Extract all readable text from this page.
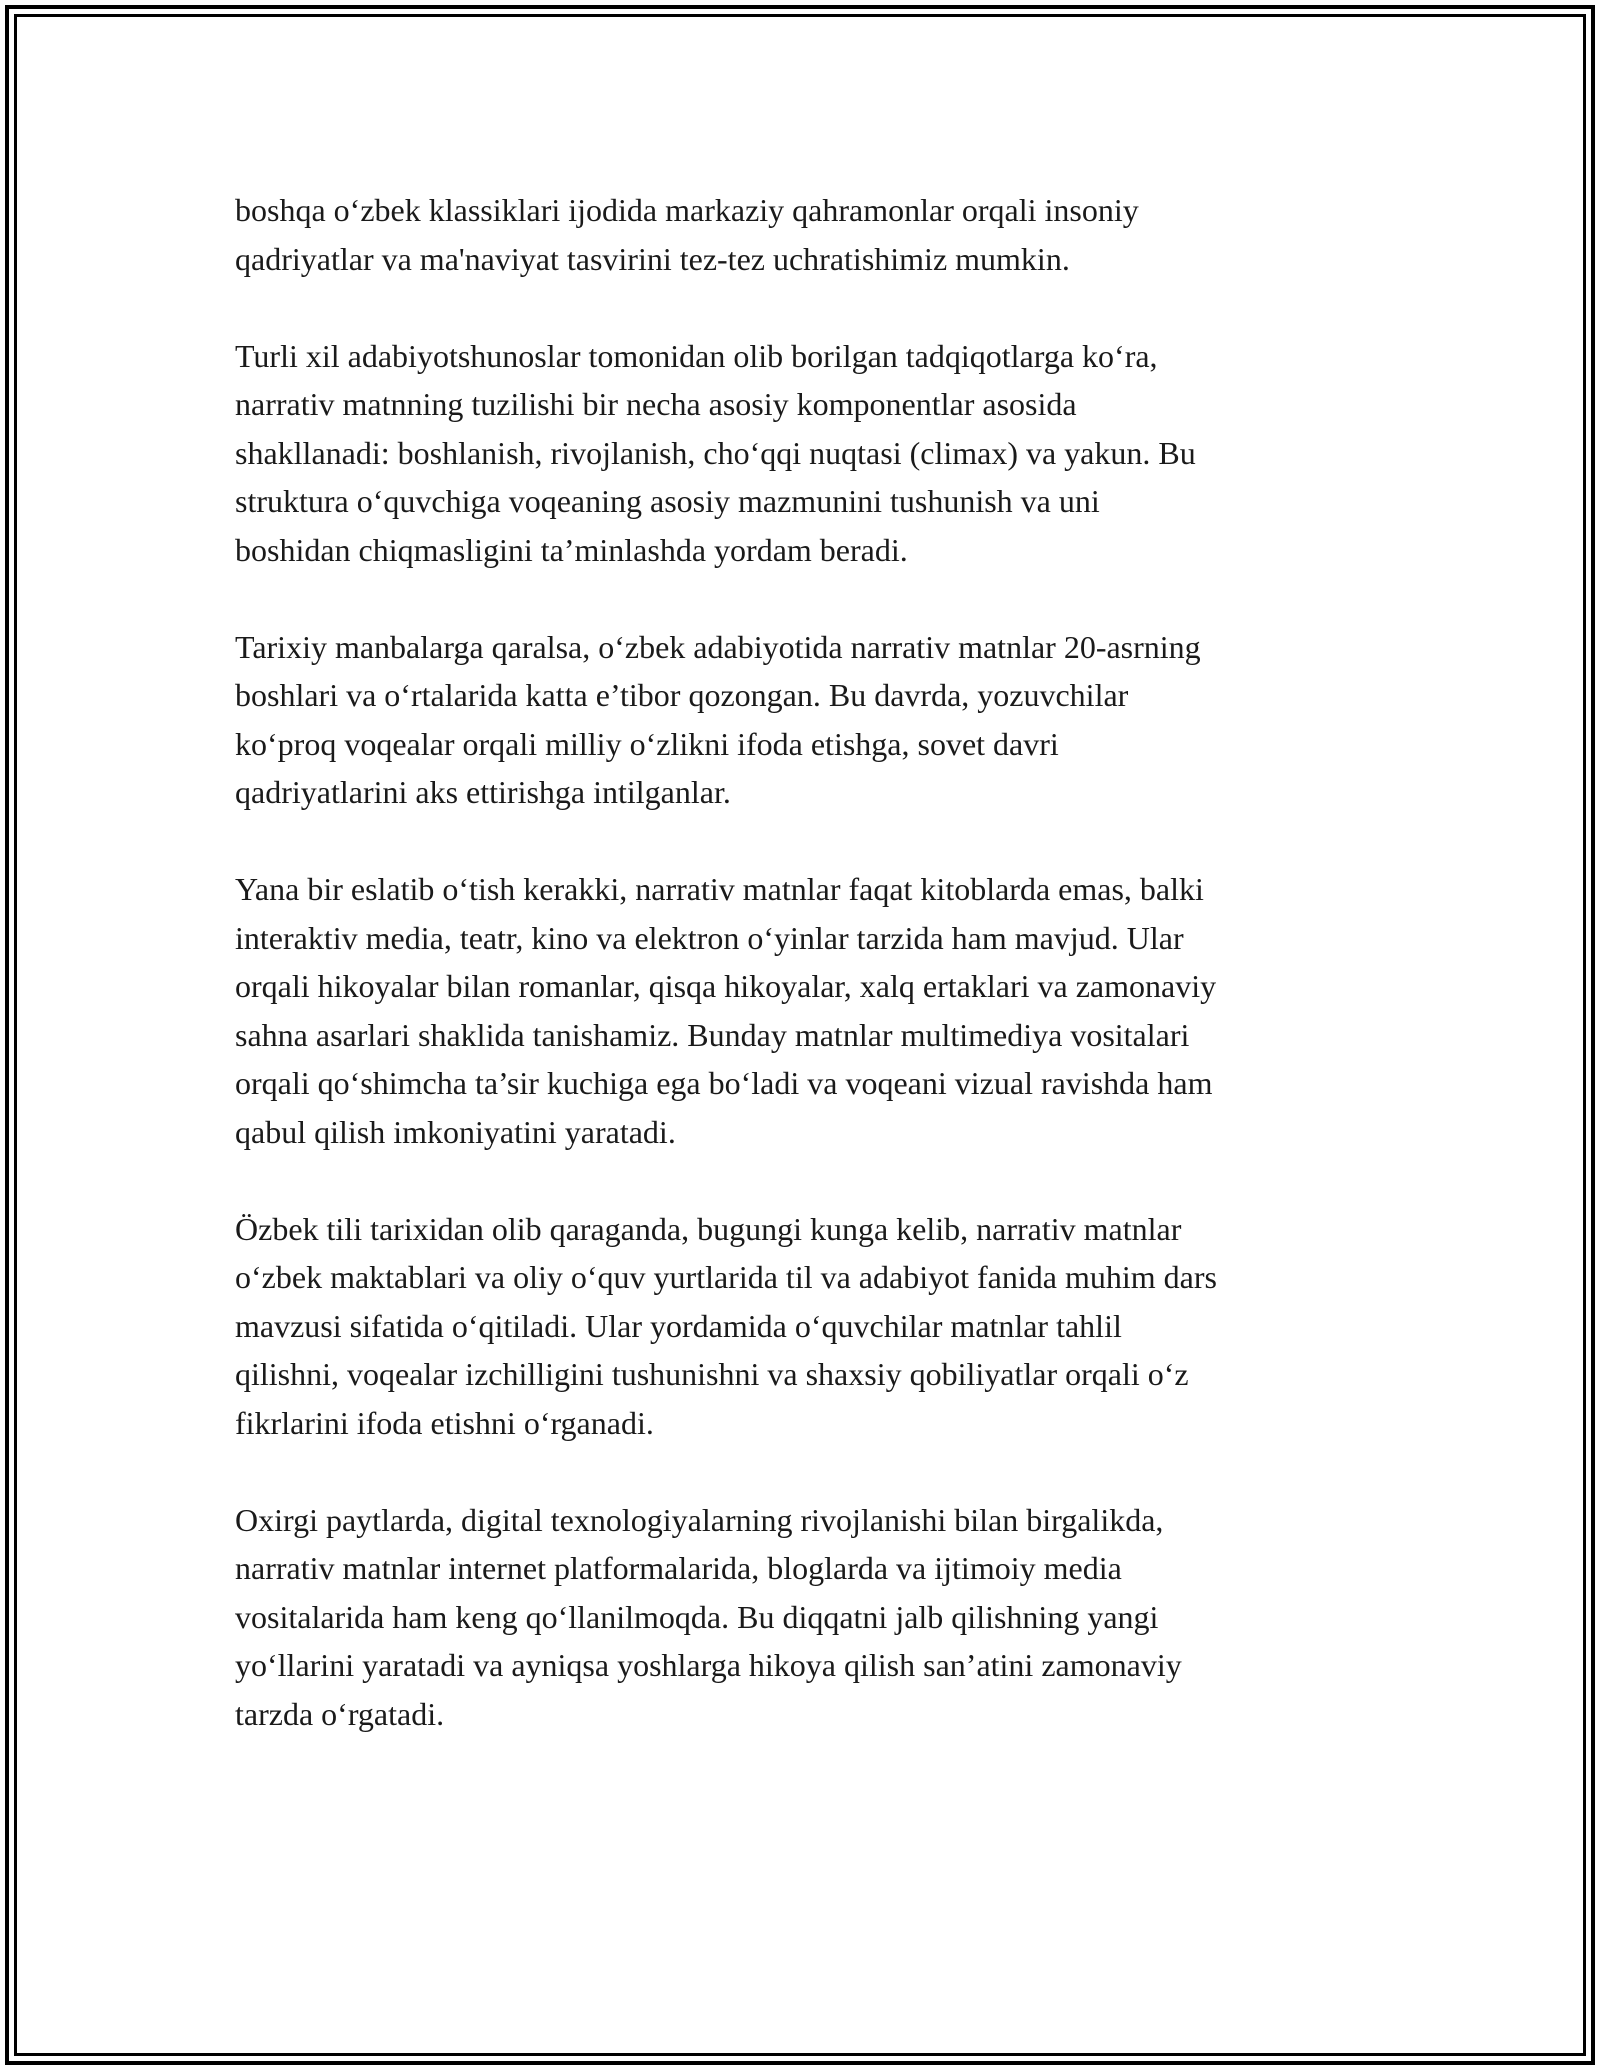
boshqa o‘zbek klassiklari ijodida markaziy qahramonlar orqali insoniy
qadriyatlar va ma'naviyat tasvirini tez-tez uchratishimiz mumkin.

Turli xil adabiyotshunoslar tomonidan olib borilgan tadqiqotlarga ko‘ra,
narrativ matnning tuzilishi bir necha asosiy komponentlar asosida
shakllanadi: boshlanish, rivojlanish, cho‘qqi nuqtasi (climax) va yakun. Bu
struktura o‘quvchiga voqeaning asosiy mazmunini tushunish va uni
boshidan chiqmasligini ta’minlashda yordam beradi.

Tarixiy manbalarga qaralsa, o‘zbek adabiyotida narrativ matnlar 20-asrning
boshlari va o‘rtalarida katta e’tibor qozongan. Bu davrda, yozuvchilar
ko‘proq voqealar orqali milliy o‘zlikni ifoda etishga, sovet davri
qadriyatlarini aks ettirishga intilganlar.

Yana bir eslatib o‘tish kerakki, narrativ matnlar faqat kitoblarda emas, balki
interaktiv media, teatr, kino va elektron o‘yinlar tarzida ham mavjud. Ular
orqali hikoyalar bilan romanlar, qisqa hikoyalar, xalq ertaklari va zamonaviy
sahna asarlari shaklida tanishamiz. Bunday matnlar multimediya vositalari
orqali qo‘shimcha ta’sir kuchiga ega bo‘ladi va voqeani vizual ravishda ham
qabul qilish imkoniyatini yaratadi.

Özbek tili tarixidan olib qaraganda, bugungi kunga kelib, narrativ matnlar
o‘zbek maktablari va oliy o‘quv yurtlarida til va adabiyot fanida muhim dars
mavzusi sifatida o‘qitiladi. Ular yordamida o‘quvchilar matnlar tahlil
qilishni, voqealar izchilligini tushunishni va shaxsiy qobiliyatlar orqali o‘z
fikrlarini ifoda etishni o‘rganadi.

Oxirgi paytlarda, digital texnologiyalarning rivojlanishi bilan birgalikda,
narrativ matnlar internet platformalarida, bloglarda va ijtimoiy media
vositalarida ham keng qo‘llanilmoqda. Bu diqqatni jalb qilishning yangi
yo‘llarini yaratadi va ayniqsa yoshlarga hikoya qilish san’atini zamonaviy
tarzda o‘rgatadi.
